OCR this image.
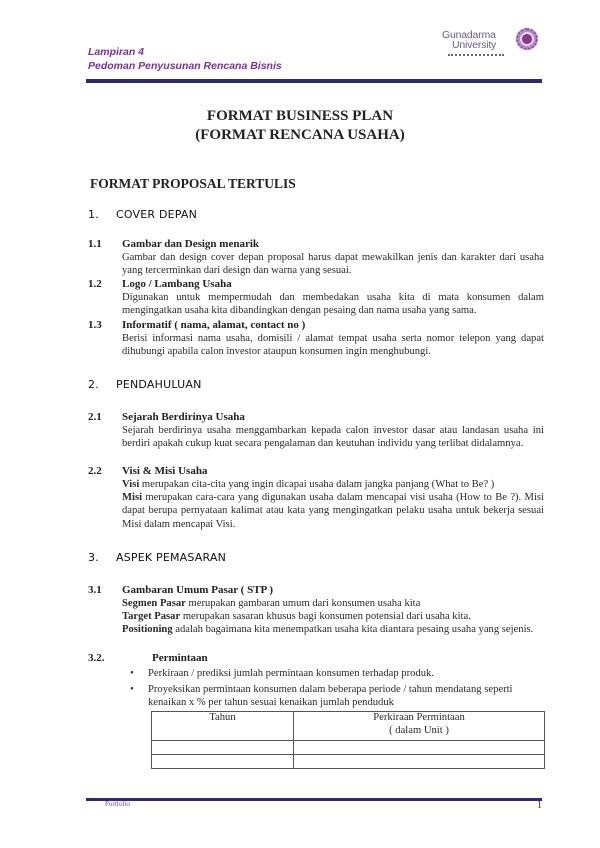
Lampiran 4
Pedoman Penyusunan Rencana Bisnis
Gunadarma
University
FORMAT BUSINESS PLAN
(FORMAT RENCANA USAHA)
FORMAT PROPOSAL TERTULIS
1. COVER DEPAN
1.1 Gambar dan Design menarik
Gambar dan design cover depan proposal harus dapat mewakilkan jenis dan karakter dari usaha yang tercerminkan dari design dan warna yang sesuai.
1.2 Logo / Lambang Usaha
Digunakan untuk mempermudah dan membedakan usaha kita di mata konsumen dalam mengingatkan usaha kita dibandingkan dengan pesaing dan nama usaha yang sama.
1.3 Informatif ( nama, alamat, contact no )
Berisi informasi nama usaha, domisili / alamat tempat usaha serta nomor telepon yang dapat dihubungi apabila calon investor ataupun konsumen ingin menghubungi.
2. PENDAHULUAN
2.1 Sejarah Berdirinya Usaha
Sejarah berdirinya usaha menggambarkan kepada calon investor dasar atau landasan usaha ini berdiri apakah cukup kuat secara pengalaman dan keutuhan individu yang terlibat didalamnya.
2.2 Visi & Misi Usaha
Visi merupakan cita-cita yang ingin dicapai usaha dalam jangka panjang (What to Be? )
Misi merupakan cara-cara yang digunakan usaha dalam mencapai visi usaha (How to Be ?). Misi dapat berupa pernyataan kalimat atau kata yang mengingatkan pelaku usaha untuk bekerja sesuai Misi dalam mencapai Visi.
3. ASPEK PEMASARAN
3.1 Gambaran Umum Pasar ( STP )
Segmen Pasar merupakan gambaran umum dari konsumen usaha kita
Target Pasar merupakan sasaran khusus bagi konsumen potensial dari usaha kita.
Positioning adalah bagaimana kita menempatkan usaha kita diantara pesaing usaha yang sejenis.
3.2.	Permintaan
• Perkiraan / prediksi jumlah permintaan konsumen terhadap produk.
• Proyeksikan permintaan konsumen dalam beberapa periode / tahun mendatang seperti kenaikan x % per tahun sesuai kenaikan jumlah penduduk
Tahun	Perkiraan Permintaan
( dalam Unit )

Portfolio	1
